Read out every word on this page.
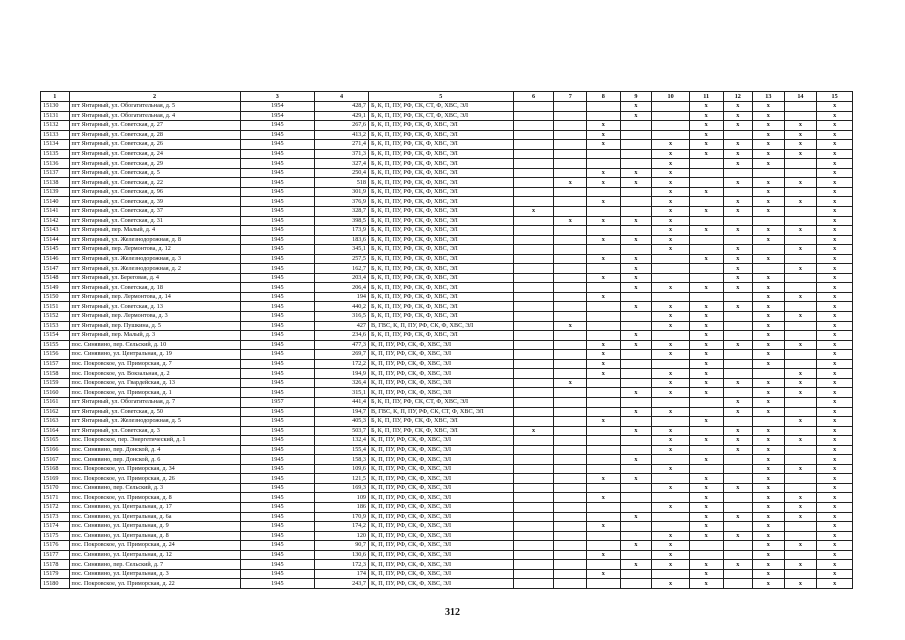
1	2	3	4	5	6	7	8	9	10	11	12	13	14	15
15130	пгт Янтарный, ул. Обогатительная, д. 5	1954	428,7	Б, К, П, ПУ, РФ, СК, СТ, Ф, ХВС, ЭЛ				x		x	x	x		x
15131	пгт Янтарный, ул. Обогатительная, д. 4	1954	429,1	Б, К, П, ПУ, РФ, СК, СТ, Ф, ХВС, ЭЛ				x		x	x	x		x
15132	пгт Янтарный, ул. Советская, д. 27	1945	267,6	Б, К, П, ПУ, РФ, СК, Ф, ХВС, ЭЛ			x			x	x	x	x	x
15133	пгт Янтарный, ул. Советская, д. 28	1945	413,2	Б, К, П, ПУ, РФ, СК, Ф, ХВС, ЭЛ			x			x		x	x	x
15134	пгт Янтарный, ул. Советская, д. 26	1945	271,4	Б, К, П, ПУ, РФ, СК, Ф, ХВС, ЭЛ			x		x	x	x	x	x	x
15135	пгт Янтарный, ул. Советская, д. 24	1945	371,3	Б, К, П, ПУ, РФ, СК, Ф, ХВС, ЭЛ					x	x	x	x	x	x
15136	пгт Янтарный, ул. Советская, д. 29	1945	327,4	Б, К, П, ПУ, РФ, СК, Ф, ХВС, ЭЛ					x		x	x		x
15137	пгт Янтарный, ул. Советская, д. 5	1945	250,4	Б, К, П, ПУ, РФ, СК, Ф, ХВС, ЭЛ			x	x	x					x
15138	пгт Янтарный, ул. Советская, д. 22	1945	518	Б, К, П, ПУ, РФ, СК, Ф, ХВС, ЭЛ		x	x	x	x		x	x	x	x
15139	пгт Янтарный, ул. Советская, д. 96	1945	301,9	Б, К, П, ПУ, РФ, СК, Ф, ХВС, ЭЛ					x	x		x		x
15140	пгт Янтарный, ул. Советская, д. 39	1945	376,9	Б, К, П, ПУ, РФ, СК, Ф, ХВС, ЭЛ			x		x		x	x	x	x
15141	пгт Янтарный, ул. Советская, д. 37	1945	328,7	Б, К, П, ПУ, РФ, СК, Ф, ХВС, ЭЛ	x				x	x	x	x		x
15142	пгт Янтарный, ул. Советская, д. 31	1945	398,5	Б, К, П, ПУ, РФ, СК, Ф, ХВС, ЭЛ		x	x	x	x					x
15143	пгт Янтарный, пер. Малый, д. 4	1945	173,9	Б, К, П, ПУ, РФ, СК, Ф, ХВС, ЭЛ					x	x	x	x	x	x
15144	пгт Янтарный, ул. Железнодорожная, д. 8	1945	183,6	Б, К, П, ПУ, РФ, СК, Ф, ХВС, ЭЛ			x	x	x			x		x
15145	пгт Янтарный, пер. Лермонтова, д. 12	1945	345,1	Б, К, П, ПУ, РФ, СК, Ф, ХВС, ЭЛ					x		x		x	x
15146	пгт Янтарный, ул. Железнодорожная, д. 3	1945	257,5	Б, К, П, ПУ, РФ, СК, Ф, ХВС, ЭЛ			x	x		x	x	x		x
15147	пгт Янтарный, ул. Железнодорожная, д. 2	1945	162,7	Б, К, П, ПУ, РФ, СК, Ф, ХВС, ЭЛ				x			x		x	x
15148	пгт Янтарный, ул. Береговая, д. 4	1945	203,4	Б, К, П, ПУ, РФ, СК, Ф, ХВС, ЭЛ			x	x			x	x		x
15149	пгт Янтарный, ул. Советская, д. 18	1945	206,4	Б, К, П, ПУ, РФ, СК, Ф, ХВС, ЭЛ				x	x	x	x	x		x
15150	пгт Янтарный, пер. Лермонтова, д. 14	1945	194	Б, К, П, ПУ, РФ, СК, Ф, ХВС, ЭЛ			x					x	x	x
15151	пгт Янтарный, ул. Советская, д. 13	1945	440,2	Б, К, П, ПУ, РФ, СК, Ф, ХВС, ЭЛ				x	x	x	x	x		x
15152	пгт Янтарный, пер. Лермонтова, д. 3	1945	316,5	Б, К, П, ПУ, РФ, СК, Ф, ХВС, ЭЛ					x	x		x	x	x
15153	пгт Янтарный, пер. Пушкина, д. 5	1945	427	В, ГВС, К, П, ПУ, РФ, СК, Ф, ХВС, ЭЛ		x			x	x		x		x
15154	пгт Янтарный, пер. Малый, д. 3	1945	234,6	Б, К, П, ПУ, РФ, СК, Ф, ХВС, ЭЛ				x		x		x		x
15155	пос. Синявино, пер. Сельский, д. 10	1945	477,3	К, П, ПУ, РФ, СК, Ф, ХВС, ЭЛ			x	x	x	x	x	x	x	x
15156	пос. Синявино, ул. Центральная, д. 19	1945	269,7	К, П, ПУ, РФ, СК, Ф, ХВС, ЭЛ			x		x	x		x		x
15157	пос. Покровское, ул. Приморская, д. 7	1945	172,2	К, П, ПУ, РФ, СК, Ф, ХВС, ЭЛ			x			x		x		x
15158	пос. Покровское, ул. Вокзальная, д. 2	1945	194,9	К, П, ПУ, РФ, СК, Ф, ХВС, ЭЛ			x		x	x			x	x
15159	пос. Покровское, ул. Гвардейская, д. 13	1945	326,4	К, П, ПУ, РФ, СК, Ф, ХВС, ЭЛ		x			x	x	x	x	x	x
15160	пос. Покровское, ул. Приморская, д. 1	1945	315,1	К, П, ПУ, РФ, СК, Ф, ХВС, ЭЛ				x	x	x		x	x	x
15161	пгт Янтарный, ул. Обогатительная, д. 7	1957	441,4	Б, К, П, ПУ, РФ, СК, СТ, Ф, ХВС, ЭЛ							x	x		x
15162	пгт Янтарный, ул. Советская, д. 50	1945	194,7	В, ГВС, К, П, ПУ, РФ, СК, СТ, Ф, ХВС, ЭЛ				x	x		x	x		x
15163	пгт Янтарный, ул. Железнодорожная, д. 5	1945	405,3	Б, К, П, ПУ, РФ, СК, Ф, ХВС, ЭЛ			x			x			x	x
15164	пгт Янтарный, ул. Советская, д. 3	1945	503,7	Б, К, П, ПУ, РФ, СК, Ф, ХВС, ЭЛ	x			x	x		x	x		x
15165	пос. Покровское, пер. Энергетический, д. 1	1945	132,4	К, П, ПУ, РФ, СК, Ф, ХВС, ЭЛ					x	x	x	x	x	x
15166	пос. Синявино, пер. Донской, д. 4	1945	155,4	К, П, ПУ, РФ, СК, Ф, ХВС, ЭЛ					x		x	x		x
15167	пос. Синявино, пер. Донской, д. 6	1945	158,3	К, П, ПУ, РФ, СК, Ф, ХВС, ЭЛ				x		x		x		x
15168	пос. Покровское, ул. Приморская, д. 34	1945	109,6	К, П, ПУ, РФ, СК, Ф, ХВС, ЭЛ					x			x	x	x
15169	пос. Покровское, ул. Приморская, д. 26	1945	121,5	К, П, ПУ, РФ, СК, Ф, ХВС, ЭЛ			x	x		x		x		x
15170	пос. Синявино, пер. Сельский, д. 3	1945	169,3	К, П, ПУ, РФ, СК, Ф, ХВС, ЭЛ					x	x	x	x		x
15171	пос. Покровское, ул. Приморская, д. 8	1945	109	К, П, ПУ, РФ, СК, Ф, ХВС, ЭЛ			x			x		x	x	x
15172	пос. Синявино, ул. Центральная, д. 17	1945	186	К, П, ПУ, РФ, СК, Ф, ХВС, ЭЛ					x	x		x	x	x
15173	пос. Синявино, ул. Центральная, д. 6а	1945	170,9	К, П, ПУ, РФ, СК, Ф, ХВС, ЭЛ				x		x	x	x	x	x
15174	пос. Синявино, ул. Центральная, д. 9	1945	174,2	К, П, ПУ, РФ, СК, Ф, ХВС, ЭЛ			x			x		x		x
15175	пос. Синявино, ул. Центральная, д. 8	1945	120	К, П, ПУ, РФ, СК, Ф, ХВС, ЭЛ					x	x	x	x		x
15176	пос. Покровское, ул. Приморская, д. 24	1945	90,7	К, П, ПУ, РФ, СК, Ф, ХВС, ЭЛ				x	x			x	x	x
15177	пос. Синявино, ул. Центральная, д. 12	1945	130,6	К, П, ПУ, РФ, СК, Ф, ХВС, ЭЛ			x		x			x		x
15178	пос. Синявино, пер. Сельский, д. 7	1945	172,3	К, П, ПУ, РФ, СК, Ф, ХВС, ЭЛ				x	x	x	x	x	x	x
15179	пос. Синявино, ул. Центральная, д. 3	1945	174	К, П, ПУ, РФ, СК, Ф, ХВС, ЭЛ			x			x		x		x
15180	пос. Покровское, ул. Приморская, д. 22	1945	243,7	К, П, ПУ, РФ, СК, Ф, ХВС, ЭЛ					x	x		x	x	x
312
